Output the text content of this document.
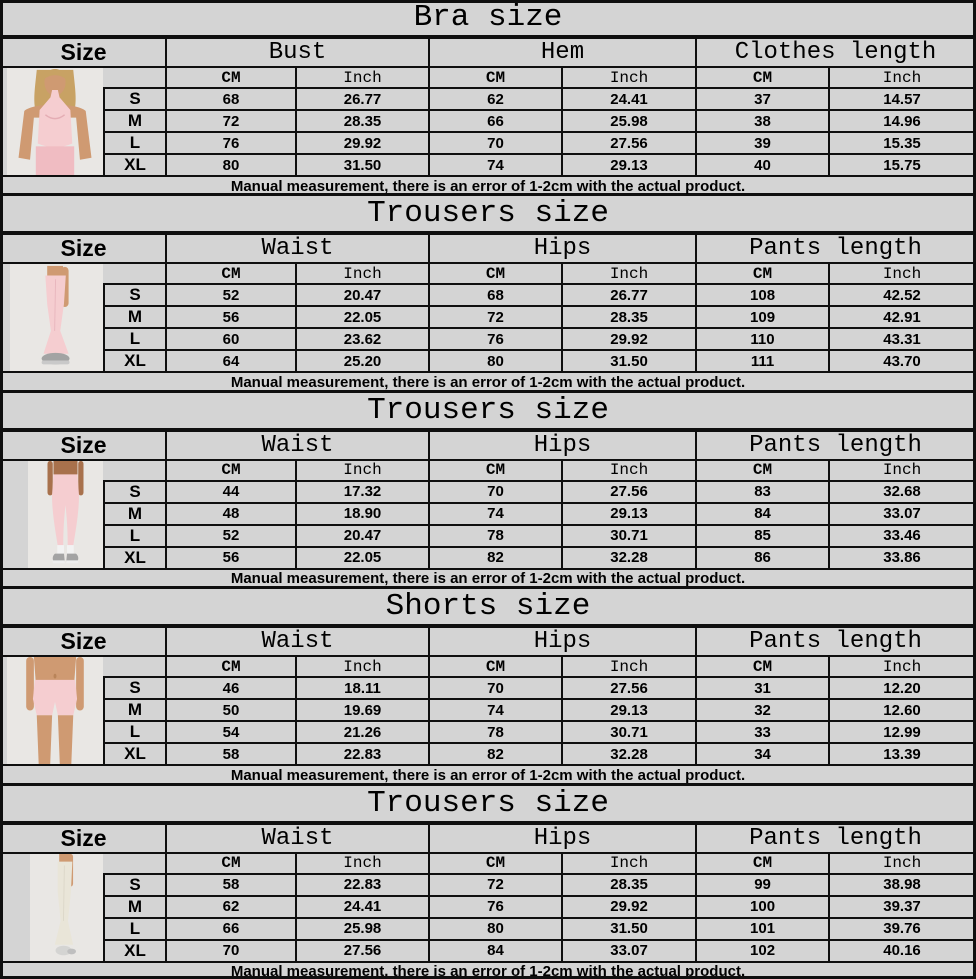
Bra size
Size		Bust		Hem		Clothes length	

		CM	Inch	CM	Inch	CM	Inch
	S	68	26.77	62	24.41	37	14.57
	M	72	28.35	66	25.98	38	14.96
	L	76	29.92	70	27.56	39	15.35
	XL	80	31.50	74	29.13	40	15.75
Manual measurement, there is an error of 1-2cm with the actual product.							
Trousers size
Size		Waist		Hips		Pants length	

		CM	Inch	CM	Inch	CM	Inch
	S	52	20.47	68	26.77	108	42.52
	M	56	22.05	72	28.35	109	42.91
	L	60	23.62	76	29.92	110	43.31
	XL	64	25.20	80	31.50	111	43.70
Manual measurement, there is an error of 1-2cm with the actual product.							
Trousers size
Size		Waist		Hips		Pants length	

		CM	Inch	CM	Inch	CM	Inch
	S	44	17.32	70	27.56	83	32.68
	M	48	18.90	74	29.13	84	33.07
	L	52	20.47	78	30.71	85	33.46
	XL	56	22.05	82	32.28	86	33.86
Manual measurement, there is an error of 1-2cm with the actual product.							
Shorts size
Size		Waist		Hips		Pants length	

		CM	Inch	CM	Inch	CM	Inch
	S	46	18.11	70	27.56	31	12.20
	M	50	19.69	74	29.13	32	12.60
	L	54	21.26	78	30.71	33	12.99
	XL	58	22.83	82	32.28	34	13.39
Manual measurement, there is an error of 1-2cm with the actual product.							
Trousers size
Size		Waist		Hips		Pants length	

		CM	Inch	CM	Inch	CM	Inch
	S	58	22.83	72	28.35	99	38.98
	M	62	24.41	76	29.92	100	39.37
	L	66	25.98	80	31.50	101	39.76
	XL	70	27.56	84	33.07	102	40.16
Manual measurement, there is an error of 1-2cm with the actual product.							
